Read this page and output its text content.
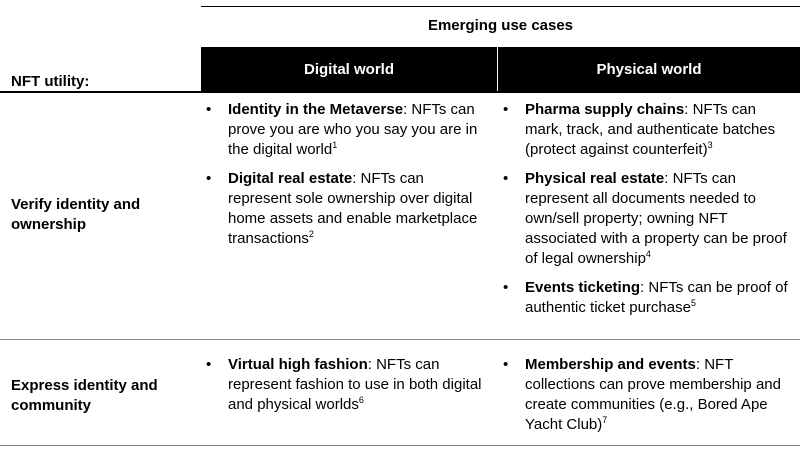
Emerging use cases
Digital world	Physical world
NFT utility:
Verify identity and
ownership
• Identity in the Metaverse: NFTs can prove you are who you say you are in the digital world$^1$
• Digital real estate: NFTs can represent sole ownership over digital home assets and enable marketplace transactions$^2$
• Pharma supply chains: NFTs can mark, track, and authenticate batches (protect against counterfeit)$^3$
• Physical real estate: NFTs can represent all documents needed to own/sell property; owning NFT associated with a property can be proof of legal ownership$^4$
• Events ticketing: NFTs can be proof of authentic ticket purchase$^5$
Express identity and
community
• Virtual high fashion: NFTs can represent fashion to use in both digital and physical worlds$^6$
• Membership and events: NFT collections can prove membership and create communities (e.g., Bored Ape Yacht Club)$^7$
